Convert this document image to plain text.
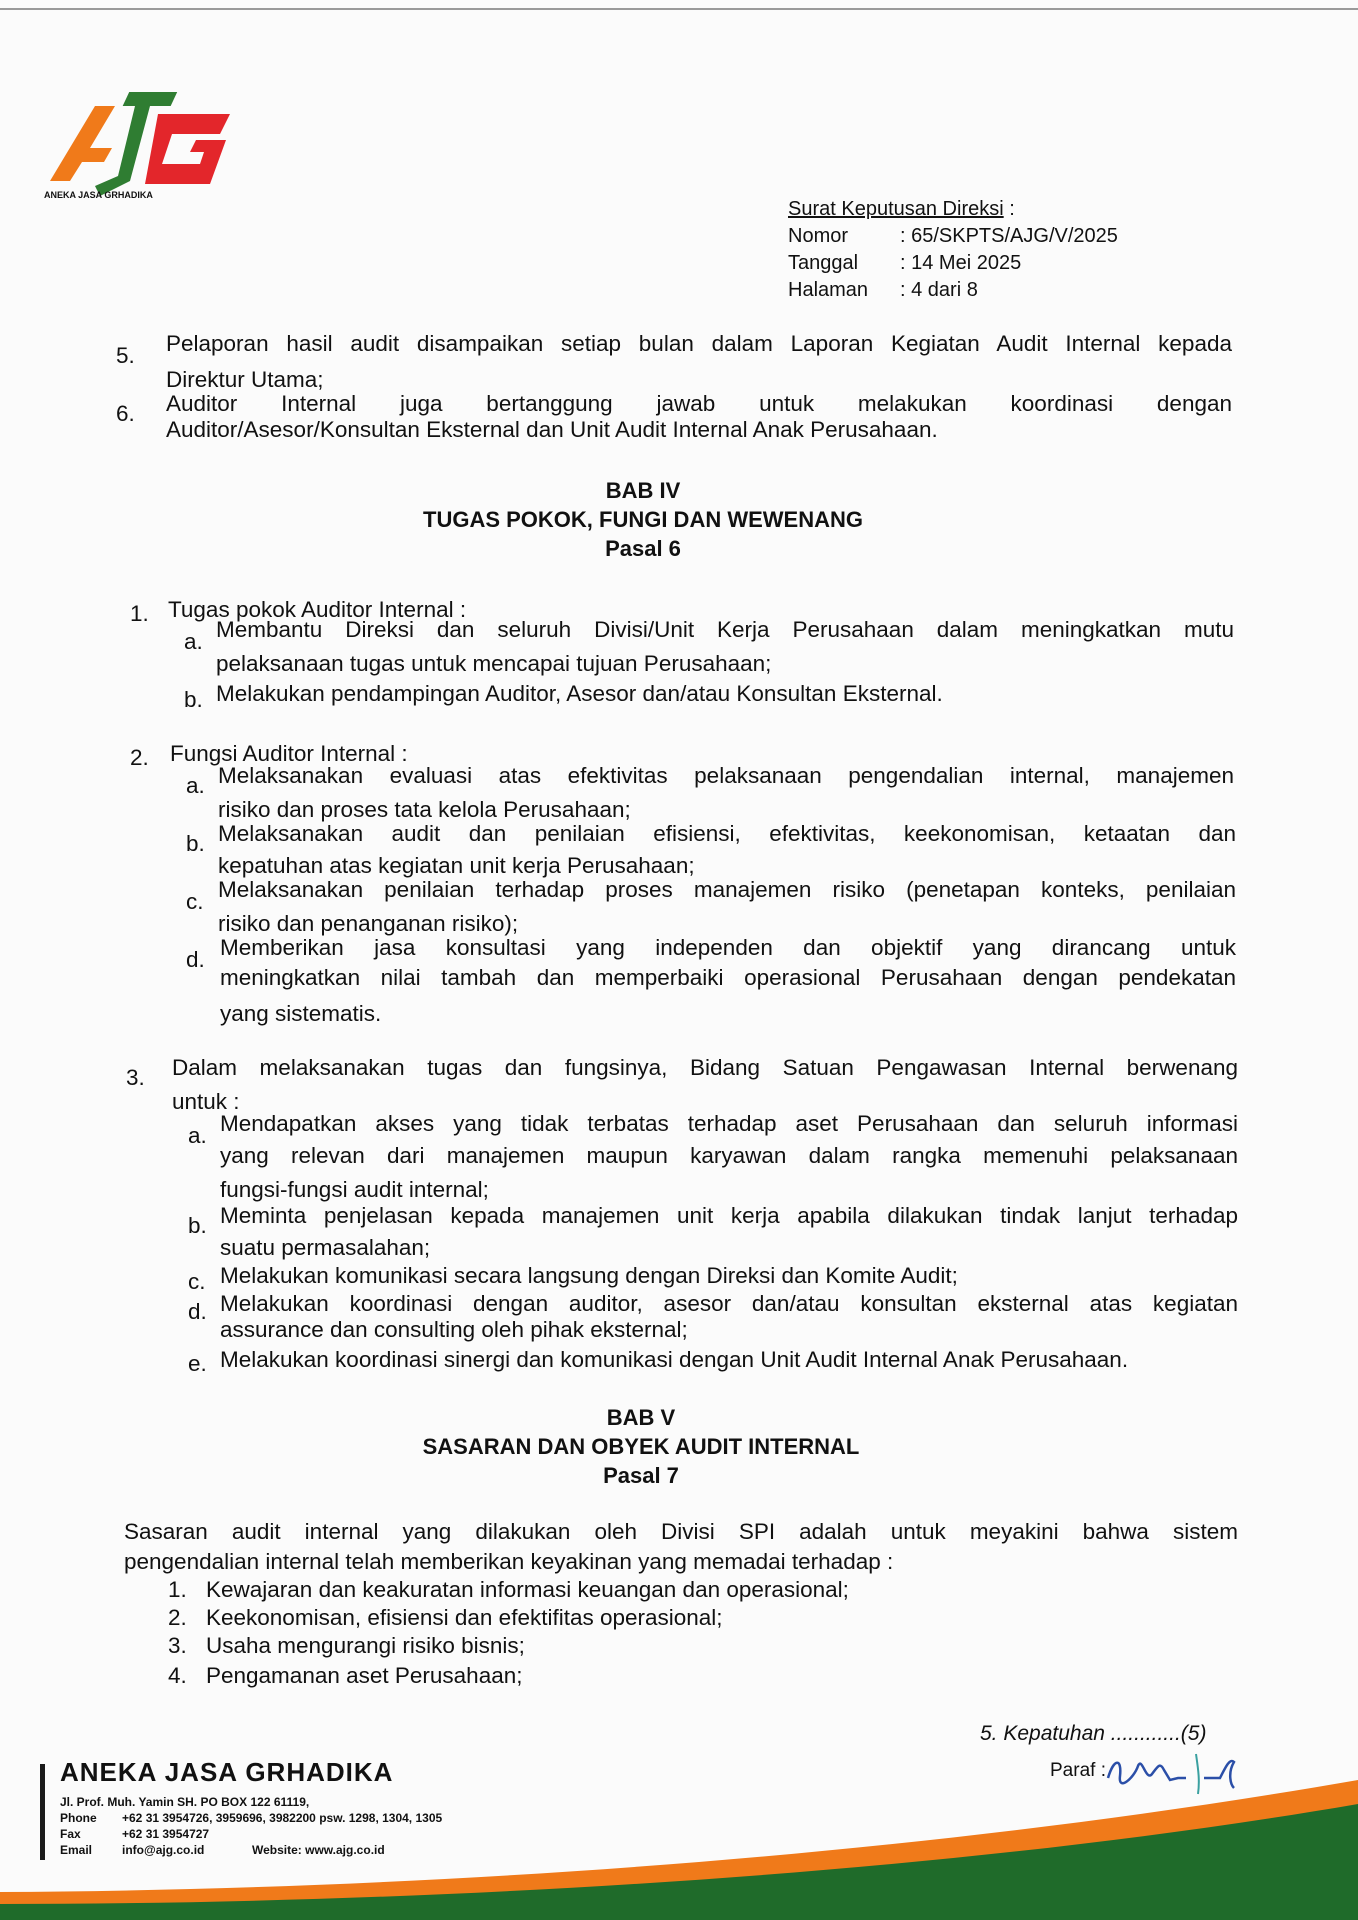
ANEKA JASA GRHADIKA
Surat Keputusan Direksi :
Nomor	: 65/SKPTS/AJG/V/2025
Tanggal	: 14 Mei 2025
Halaman	: 4 dari 8
5. Pelaporan hasil audit disampaikan setiap bulan dalam Laporan Kegiatan Audit Internal kepada
Direktur Utama;
6. Auditor Internal juga bertanggung jawab untuk melakukan koordinasi dengan
Auditor/Asesor/Konsultan Eksternal dan Unit Audit Internal Anak Perusahaan.
BAB IV
TUGAS POKOK, FUNGI DAN WEWENANG
Pasal 6
1. Tugas pokok Auditor Internal :
a. Membantu Direksi dan seluruh Divisi/Unit Kerja Perusahaan dalam meningkatkan mutu
pelaksanaan tugas untuk mencapai tujuan Perusahaan;
b. Melakukan pendampingan Auditor, Asesor dan/atau Konsultan Eksternal.
2. Fungsi Auditor Internal :
a. Melaksanakan evaluasi atas efektivitas pelaksanaan pengendalian internal, manajemen
risiko dan proses tata kelola Perusahaan;
b. Melaksanakan audit dan penilaian efisiensi, efektivitas, keekonomisan, ketaatan dan
kepatuhan atas kegiatan unit kerja Perusahaan;
c. Melaksanakan penilaian terhadap proses manajemen risiko (penetapan konteks, penilaian
risiko dan penanganan risiko);
d. Memberikan jasa konsultasi yang independen dan objektif yang dirancang untuk
meningkatkan nilai tambah dan memperbaiki operasional Perusahaan dengan pendekatan
yang sistematis.
3. Dalam melaksanakan tugas dan fungsinya, Bidang Satuan Pengawasan Internal berwenang
untuk :
a. Mendapatkan akses yang tidak terbatas terhadap aset Perusahaan dan seluruh informasi
yang relevan dari manajemen maupun karyawan dalam rangka memenuhi pelaksanaan
fungsi-fungsi audit internal;
b. Meminta penjelasan kepada manajemen unit kerja apabila dilakukan tindak lanjut terhadap
suatu permasalahan;
c. Melakukan komunikasi secara langsung dengan Direksi dan Komite Audit;
d. Melakukan koordinasi dengan auditor, asesor dan/atau konsultan eksternal atas kegiatan
assurance dan consulting oleh pihak eksternal;
e. Melakukan koordinasi sinergi dan komunikasi dengan Unit Audit Internal Anak Perusahaan.
BAB V
SASARAN DAN OBYEK AUDIT INTERNAL
Pasal 7
Sasaran audit internal yang dilakukan oleh Divisi SPI adalah untuk meyakini bahwa sistem
pengendalian internal telah memberikan keyakinan yang memadai terhadap :
1. Kewajaran dan keakuratan informasi keuangan dan operasional;
2. Keekonomisan, efisiensi dan efektifitas operasional;
3. Usaha mengurangi risiko bisnis;
4. Pengamanan aset Perusahaan;
5. Kepatuhan ............(5)
Paraf :
ANEKA JASA GRHADIKA
Jl. Prof. Muh. Yamin SH. PO BOX 122 61119,
Phone	+62 31 3954726, 3959696, 3982200 psw. 1298, 1304, 1305
Fax	+62 31 3954727
Email	info@ajg.co.id	Website: www.ajg.co.id
